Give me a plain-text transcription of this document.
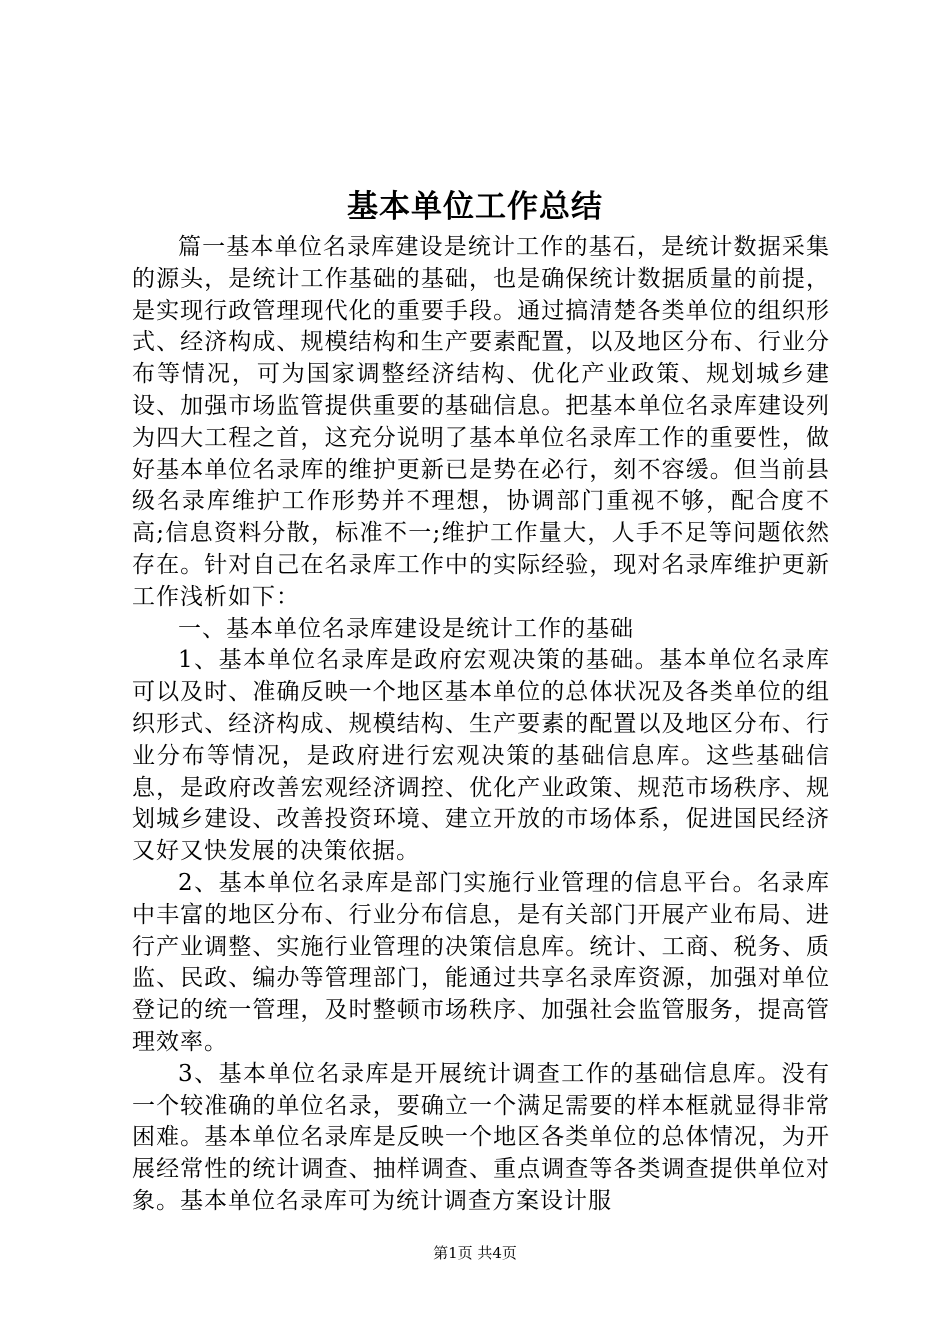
基本单位工作总结

篇一基本单位名录库建设是统计工作的基石，是统计数据采集的源头，是统计工作基础的基础，也是确保统计数据质量的前提，是实现行政管理现代化的重要手段。通过搞清楚各类单位的组织形式、经济构成、规模结构和生产要素配置，以及地区分布、行业分布等情况，可为国家调整经济结构、优化产业政策、规划城乡建设、加强市场监管提供重要的基础信息。把基本单位名录库建设列为四大工程之首，这充分说明了基本单位名录库工作的重要性，做好基本单位名录库的维护更新已是势在必行，刻不容缓。但当前县级名录库维护工作形势并不理想，协调部门重视不够，配合度不高;信息资料分散，标准不一;维护工作量大，人手不足等问题依然存在。针对自己在名录库工作中的实际经验，现对名录库维护更新工作浅析如下：

一、基本单位名录库建设是统计工作的基础

1、基本单位名录库是政府宏观决策的基础。基本单位名录库可以及时、准确反映一个地区基本单位的总体状况及各类单位的组织形式、经济构成、规模结构、生产要素的配置以及地区分布、行业分布等情况，是政府进行宏观决策的基础信息库。这些基础信息，是政府改善宏观经济调控、优化产业政策、规范市场秩序、规划城乡建设、改善投资环境、建立开放的市场体系，促进国民经济又好又快发展的决策依据。

2、基本单位名录库是部门实施行业管理的信息平台。名录库中丰富的地区分布、行业分布信息，是有关部门开展产业布局、进行产业调整、实施行业管理的决策信息库。统计、工商、税务、质监、民政、编办等管理部门，能通过共享名录库资源，加强对单位登记的统一管理，及时整顿市场秩序、加强社会监管服务，提高管理效率。

3、基本单位名录库是开展统计调查工作的基础信息库。没有一个较准确的单位名录，要确立一个满足需要的样本框就显得非常困难。基本单位名录库是反映一个地区各类单位的总体情况，为开展经常性的统计调查、抽样调查、重点调查等各类调查提供单位对象。基本单位名录库可为统计调查方案设计服

第1页 共4页
